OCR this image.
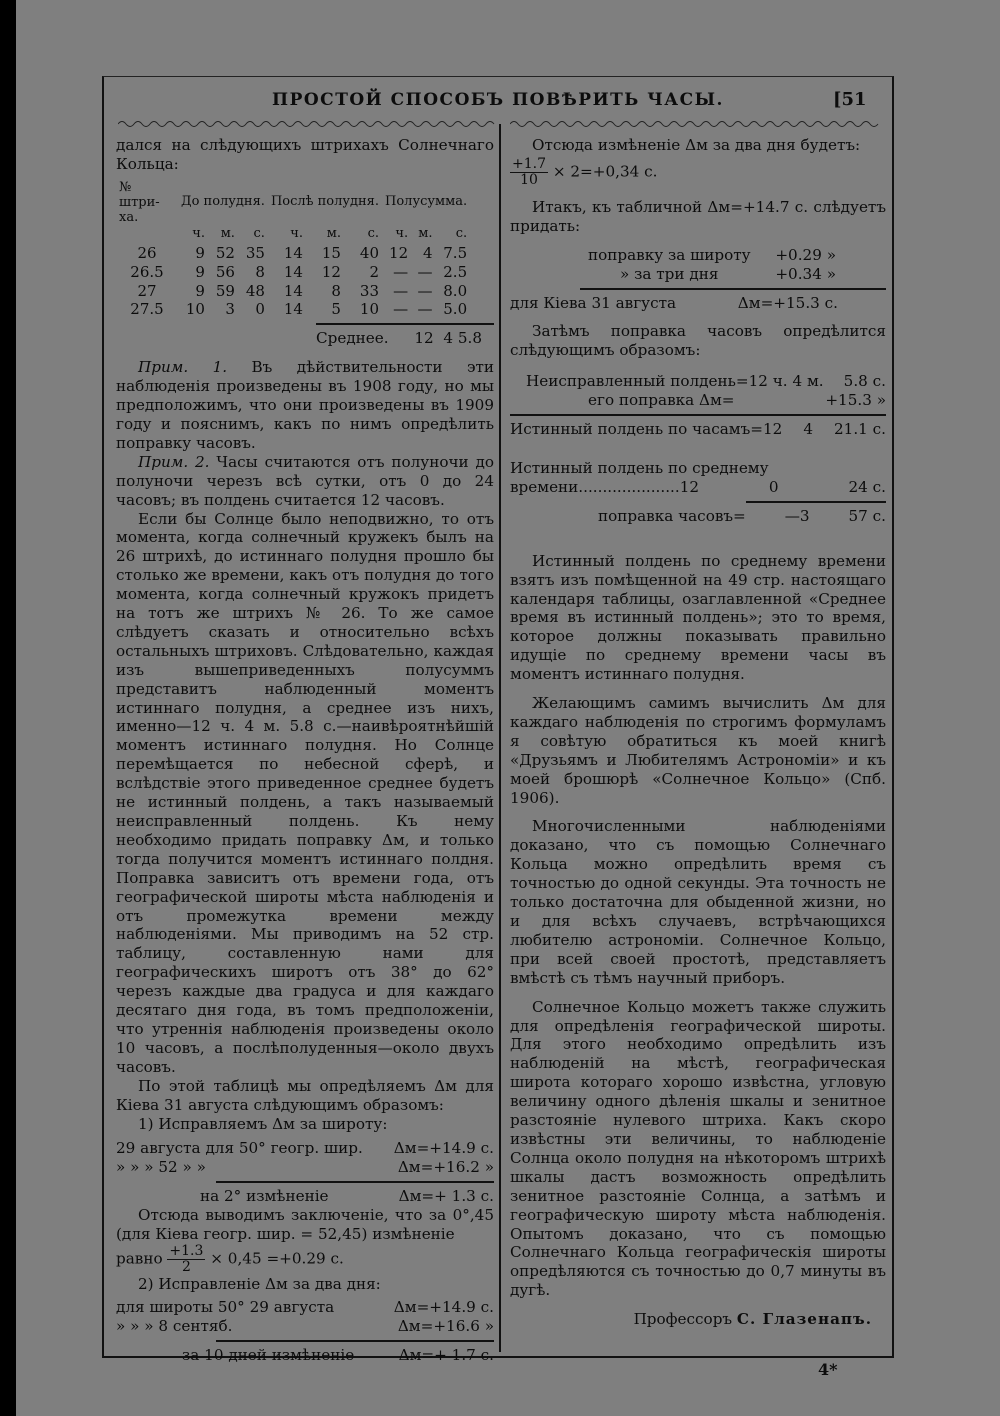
ПРОСТОЙ СПОСОБЪ ПОВѢРИТЬ ЧАСЫ.	[51

дался на слѣдующихъ штрихахъ Солнечнаго Кольца:

№ штри-ха.	До полудня.			Послѣ полудня.			Полусумма.		
	ч.	м.	с.	ч.	м.	с.	ч.	м.	с.
26	9	52	35	14	15	40	12	4	7.5
26.5	9	56	8	14	12	2	—	—	2.5
27	9	59	48	14	8	33	—	—	8.0
27.5	10	3	0	14	5	10	—	—	5.0
Среднее. 12 4 5.8

Прим. 1. Въ дѣйствительности эти наблюденія произведены въ 1908 году, но мы предположимъ, что они произведены въ 1909 году и пояснимъ, какъ по нимъ опредѣлить поправку часовъ.

Прим. 2. Часы считаются отъ полуночи до полуночи черезъ всѣ сутки, отъ 0 до 24 часовъ; въ полдень считается 12 часовъ.

Если бы Солнце было неподвижно, то отъ момента, когда солнечный кружекъ былъ на 26 штрихѣ, до истиннаго полудня прошло бы столько же времени, какъ отъ полудня до того момента, когда солнечный кружокъ придетъ на тотъ же штрихъ № 26. То же самое слѣдуетъ сказать и относительно всѣхъ остальныхъ штриховъ. Слѣдовательно, каждая изъ вышеприведенныхъ полусуммъ представитъ наблюденный моментъ истиннаго полудня, а среднее изъ нихъ, именно—12 ч. 4 м. 5.8 с.—наивѣроятнѣйшій моментъ истиннаго полудня. Но Солнце перемѣщается по небесной сферѣ, и вслѣдствіе этого приведенное среднее будетъ не истинный полдень, а такъ называемый неисправленный полдень. Къ нему необходимо придать поправку Δм, и только тогда получится моментъ истиннаго полдня. Поправка зависитъ отъ времени года, отъ географической широты мѣста наблюденія и отъ промежутка времени между наблюденіями. Мы приводимъ на 52 стр. таблицу, составленную нами для географическихъ широтъ отъ 38° до 62° черезъ каждые два градуса и для каждаго десятаго дня года, въ томъ предположеніи, что утреннія наблюденія произведены около 10 часовъ, а послѣполуденныя—около двухъ часовъ.

По этой таблицѣ мы опредѣляемъ Δм для Кіева 31 августа слѣдующимъ образомъ:

1) Исправляемъ Δм за широту:

29 августа для 50° геогр. шир. Δм=+14.9 с.
» » » 52 » »	Δм=+16.2 »
на 2° измѣненіе	Δм=+ 1.3 с.

Отсюда выводимъ заключеніе, что за 0°,45 (для Кіева геогр. шир. = 52,45) измѣненіе

равно $\frac{+1.3}{2} \times 0,45 =+0.29$ с.

2) Исправленіе Δм за два дня:

для широты 50° 29 августа	Δм=+14.9 с.
» » » 8 сентяб.	Δм=+16.6 »
за 10 дней измѣненіе	Δм=+ 1.7 с.

Отсюда измѣненіе Δм за два дня будетъ:

$\frac{+1.7}{10} \times 2=+0,34$ с.

Итакъ, къ табличной Δм=+14.7 с. слѣдуетъ придать:

поправку за широту +0.29 »
» за три дня	+0.34 »
для Кіева 31 августа	Δм=+15.3 с.

Затѣмъ поправка часовъ опредѣлится слѣдующимъ образомъ:

Неисправленный полдень=12 ч. 4 м. 5.8 с.
его поправка Δм=	+15.3 »
Истинный полдень по часамъ=12 4 21.1 с.
Истинный полдень по среднему
времени.....................12	0	24 с.
поправка часовъ=	—3	57 с.

Истинный полдень по среднему времени взятъ изъ помѣщенной на 49 стр. настоящаго календаря таблицы, озаглавленной «Среднее время въ истинный полдень»; это то время, которое должны показывать правильно идущіе по среднему времени часы въ моментъ истиннаго полудня.

Желающимъ самимъ вычислить Δм для каждаго наблюденія по строгимъ формуламъ я совѣтую обратиться къ моей книгѣ «Друзьямъ и Любителямъ Астрономіи» и къ моей брошюрѣ «Солнечное Кольцо» (Спб. 1906).

Многочисленными наблюденіями доказано, что съ помощью Солнечнаго Кольца можно опредѣлить время съ точностью до одной секунды. Эта точность не только достаточна для обыденной жизни, но и для всѣхъ случаевъ, встрѣчающихся любителю астрономіи. Солнечное Кольцо, при всей своей простотѣ, представляетъ вмѣстѣ съ тѣмъ научный приборъ.

Солнечное Кольцо можетъ также служить для опредѣленія географической широты. Для этого необходимо опредѣлить изъ наблюденій на мѣстѣ, географическая широта котораго хорошо извѣстна, угловую величину одного дѣленія шкалы и зенитное разстояніе нулевого штриха. Какъ скоро извѣстны эти величины, то наблюденіе Солнца около полудня на нѣкоторомъ штрихѣ шкалы дастъ возможность опредѣлить зенитное разстояніе Солнца, а затѣмъ и географическую широту мѣста наблюденія. Опытомъ доказано, что съ помощью Солнечнаго Кольца географическія широты опредѣляются съ точностью до 0,7 минуты въ дугѣ.

Профессоръ С. Глазенапъ.
4*
